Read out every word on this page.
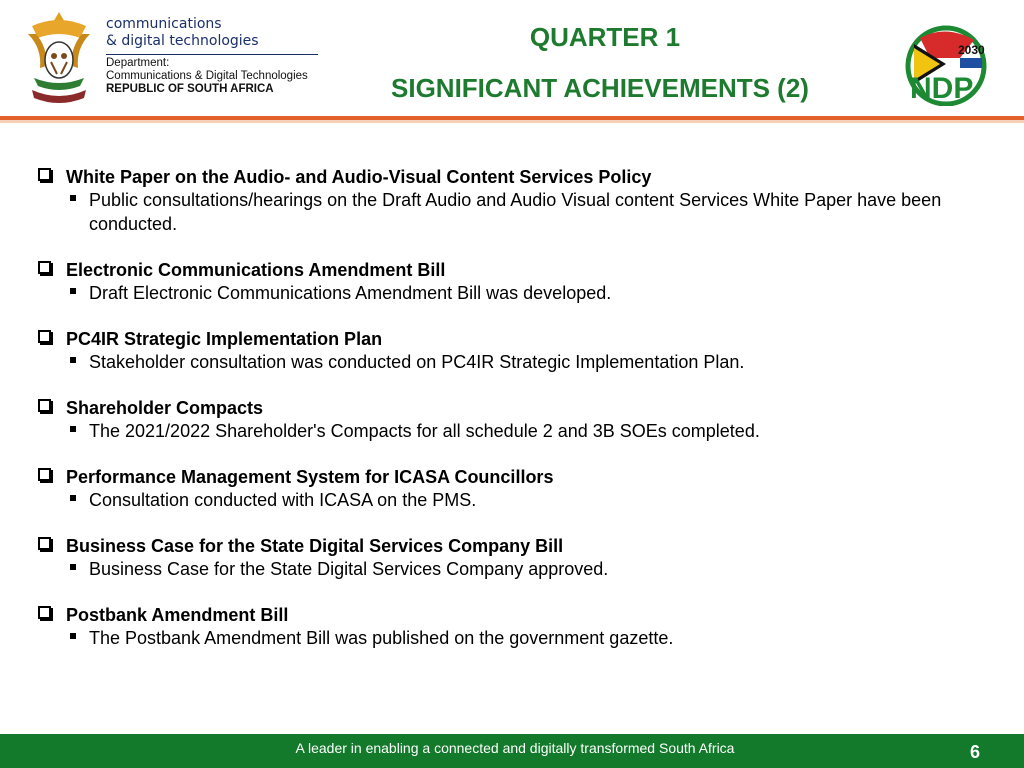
communications
& digital technologies
Department:
Communications & Digital Technologies
REPUBLIC OF SOUTH AFRICA
QUARTER 1
SIGNIFICANT ACHIEVEMENTS (2)
2030
NDP
White Paper on the Audio- and Audio-Visual Content Services Policy
Public consultations/hearings on the Draft Audio and Audio Visual content Services White Paper have been conducted.
Electronic Communications Amendment Bill
Draft Electronic Communications Amendment Bill was developed.
PC4IR Strategic Implementation Plan
Stakeholder consultation was conducted on PC4IR Strategic Implementation Plan.
Shareholder Compacts
The 2021/2022 Shareholder's Compacts for all schedule 2 and 3B SOEs completed.
Performance Management System for ICASA Councillors
Consultation conducted with ICASA on the PMS.
Business Case for the State Digital Services Company Bill
Business Case for the State Digital Services Company approved.
Postbank Amendment Bill
The Postbank Amendment Bill was published on the government gazette.
A leader in enabling a connected and digitally transformed South Africa	6
